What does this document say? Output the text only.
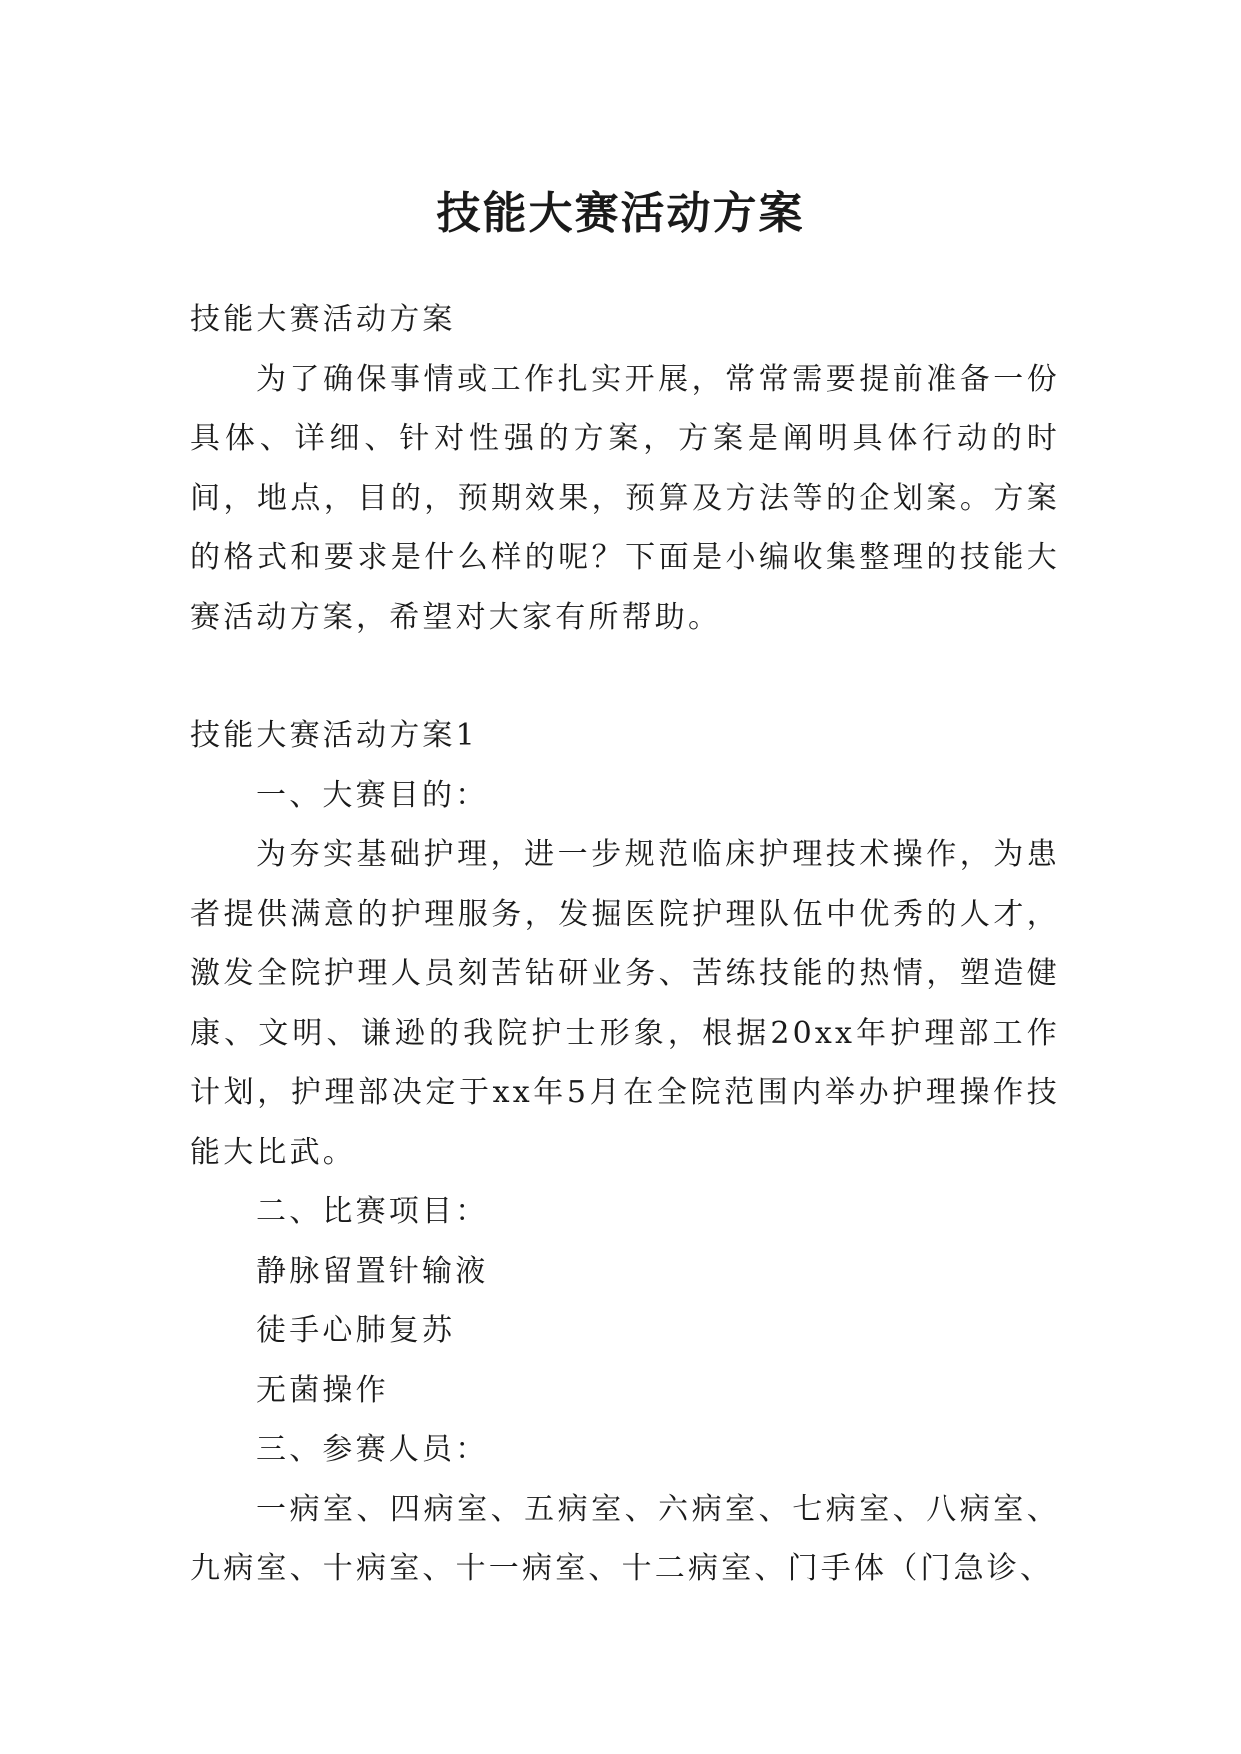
技能大赛活动方案

技能大赛活动方案

为了确保事情或工作扎实开展，常常需要提前准备一份具体、详细、针对性强的方案，方案是阐明具体行动的时间，地点，目的，预期效果，预算及方法等的企划案。方案的格式和要求是什么样的呢？下面是小编收集整理的技能大赛活动方案，希望对大家有所帮助。

技能大赛活动方案1

一、大赛目的：

为夯实基础护理，进一步规范临床护理技术操作，为患者提供满意的护理服务，发掘医院护理队伍中优秀的人才，激发全院护理人员刻苦钻研业务、苦练技能的热情，塑造健康、文明、谦逊的我院护士形象，根据20xx年护理部工作计划，护理部决定于xx年5月在全院范围内举办护理操作技能大比武。

二、比赛项目：

静脉留置针输液

徒手心肺复苏

无菌操作

三、参赛人员：

一病室、四病室、五病室、六病室、七病室、八病室、九病室、十病室、十一病室、十二病室、门手体（门急诊、
